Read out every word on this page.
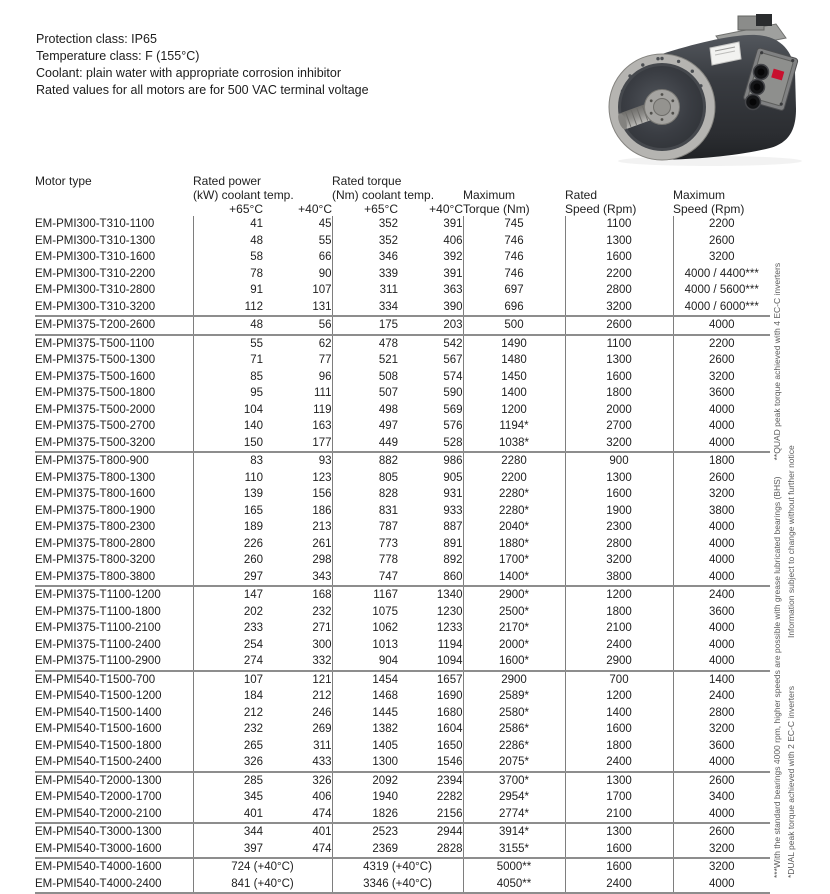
Protection class: IP65
Temperature class: F (155°C)
Coolant: plain water with appropriate corrosion inhibitor
Rated values for all motors are for 500 VAC terminal voltage
Motor type	Rated power		Rated torque				
	(kW) coolant temp.		(Nm) coolant temp.		Maximum	Rated	Maximum
	+65°C	+40°C	+65°C	+40°C	Torque (Nm)	Speed (Rpm)	Speed (Rpm)
EM-PMI300-T310-1100	41	45	352	391	745	1100	2200
EM-PMI300-T310-1300	48	55	352	406	746	1300	2600
EM-PMI300-T310-1600	58	66	346	392	746	1600	3200
EM-PMI300-T310-2200	78	90	339	391	746	2200	4000 / 4400***
EM-PMI300-T310-2800	91	107	311	363	697	2800	4000 / 5600***
EM-PMI300-T310-3200	112	131	334	390	696	3200	4000 / 6000***
EM-PMI375-T200-2600	48	56	175	203	500	2600	4000
EM-PMI375-T500-1100	55	62	478	542	1490	1100	2200
EM-PMI375-T500-1300	71	77	521	567	1480	1300	2600
EM-PMI375-T500-1600	85	96	508	574	1450	1600	3200
EM-PMI375-T500-1800	95	111	507	590	1400	1800	3600
EM-PMI375-T500-2000	104	119	498	569	1200	2000	4000
EM-PMI375-T500-2700	140	163	497	576	1194*	2700	4000
EM-PMI375-T500-3200	150	177	449	528	1038*	3200	4000
EM-PMI375-T800-900	83	93	882	986	2280	900	1800
EM-PMI375-T800-1300	110	123	805	905	2200	1300	2600
EM-PMI375-T800-1600	139	156	828	931	2280*	1600	3200
EM-PMI375-T800-1900	165	186	831	933	2280*	1900	3800
EM-PMI375-T800-2300	189	213	787	887	2040*	2300	4000
EM-PMI375-T800-2800	226	261	773	891	1880*	2800	4000
EM-PMI375-T800-3200	260	298	778	892	1700*	3200	4000
EM-PMI375-T800-3800	297	343	747	860	1400*	3800	4000
EM-PMI375-T1100-1200	147	168	1167	1340	2900*	1200	2400
EM-PMI375-T1100-1800	202	232	1075	1230	2500*	1800	3600
EM-PMI375-T1100-2100	233	271	1062	1233	2170*	2100	4000
EM-PMI375-T1100-2400	254	300	1013	1194	2000*	2400	4000
EM-PMI375-T1100-2900	274	332	904	1094	1600*	2900	4000
EM-PMI540-T1500-700	107	121	1454	1657	2900	700	1400
EM-PMI540-T1500-1200	184	212	1468	1690	2589*	1200	2400
EM-PMI540-T1500-1400	212	246	1445	1680	2580*	1400	2800
EM-PMI540-T1500-1600	232	269	1382	1604	2586*	1600	3200
EM-PMI540-T1500-1800	265	311	1405	1650	2286*	1800	3600
EM-PMI540-T1500-2400	326	433	1300	1546	2075*	2400	4000
EM-PMI540-T2000-1300	285	326	2092	2394	3700*	1300	2600
EM-PMI540-T2000-1700	345	406	1940	2282	2954*	1700	3400
EM-PMI540-T2000-2100	401	474	1826	2156	2774*	2100	4000
EM-PMI540-T3000-1300	344	401	2523	2944	3914*	1300	2600
EM-PMI540-T3000-1600	397	474	2369	2828	3155*	1600	3200
EM-PMI540-T4000-1600	724 (+40°C)		4319 (+40°C)		5000**	1600	3200
EM-PMI540-T4000-2400	841 (+40°C)		3346 (+40°C)		4050**	2400	4000
***With the standard bearings 4000 rpm, higher speeds are possible with grease lubricated bearings (BHS)**QUAD peak torque achieved with 4 EC-C inverters
*DUAL peak torque achieved with 2 EC-C invertersInformation subject to change without further notice
